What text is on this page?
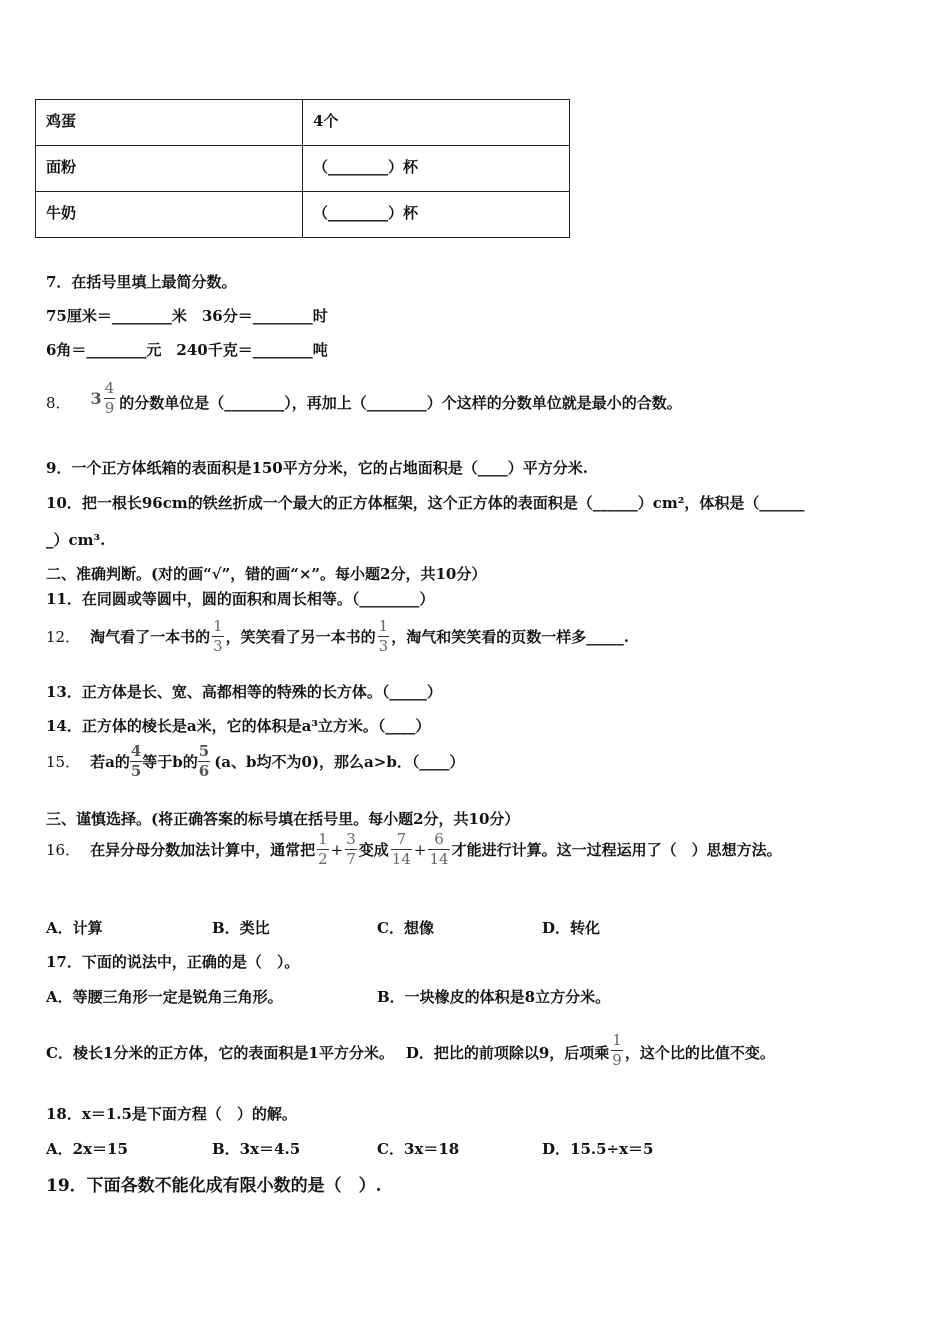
鸡蛋	4个
面粉	（________）杯
牛奶	（________）杯
7．在括号里填上最简分数。
75厘米＝________米　36分＝________时
6角＝________元　240千克＝________吨
8． $3 \frac{4}{9}$ 的分数单位是（________），再加上（________）个这样的分数单位就是最小的合数。
9．一个正方体纸箱的表面积是150平方分米，它的占地面积是（____）平方分米.
10．把一根长96cm的铁丝折成一个最大的正方体框架，这个正方体的表面积是（______）cm²，体积是（______
_）cm³.
二、准确判断。(对的画“√”，错的画“×”。每小题2分，共10分）
11．在同圆或等圆中，圆的面积和周长相等。（________）
12． 淘气看了一本书的 $\frac{1}{3}$ ，笑笑看了另一本书的 $\frac{1}{3}$ ，淘气和笑笑看的页数一样多_____.
13．正方体是长、宽、高都相等的特殊的长方体。（_____）
14．正方体的棱长是a米，它的体积是a³立方米。（____）
15． 若a的 $\frac{4}{5}$ 等于b的 $\frac{5}{6} (a$、b均不为0)，那么a>b．（____）
三、谨慎选择。(将正确答案的标号填在括号里。每小题2分，共10分）
16． 在异分母分数加法计算中，通常把 $\frac{1}{2} + \frac{3}{7}$ 变成 $\frac{7}{14} + \frac{6}{14}$ 才能进行计算。这一过程运用了（　）思想方法。
A．计算	B．类比	C．想像	D．转化
17．下面的说法中，正确的是（　）。
A．等腰三角形一定是锐角三角形。	B．一块橡皮的体积是8立方分米。
C．棱长1分米的正方体，它的表面积是1平方分米。 D．把比的前项除以9，后项乘 $\frac{1}{9}$ ，这个比的比值不变。
18．x＝1.5是下面方程（　）的解。
A．2x＝15	B．3x＝4.5	C．3x＝18	D．15.5÷x＝5
19．下面各数不能化成有限小数的是（　）.
